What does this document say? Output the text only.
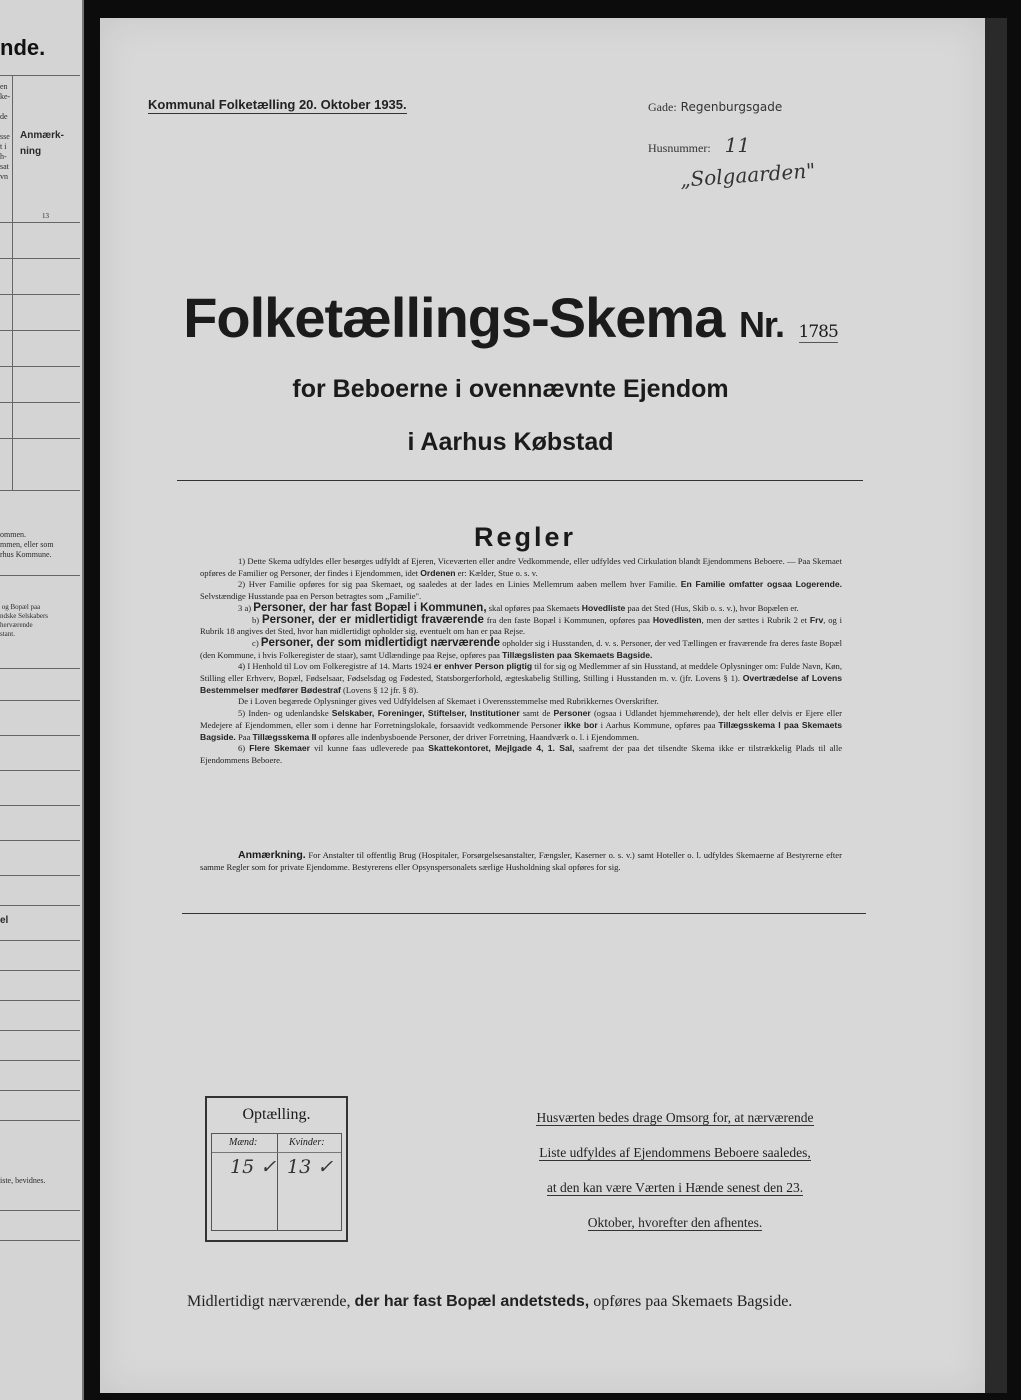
nde.
en
ke-

de

sse
t i
h-
sat
vn
Anmærk-
ning
13
ommen.
mmen, eller som
rhus Kommune.
og Bopæl paa
ndske Selskabers
herværende
stant.
el
iste, bevidnes.
Kommunal Folketælling 20. Oktober 1935.	Gade: Regenburgsgade
Husnummer: 11
„Solgaarden"
Folketællings-Skema Nr. 1785
for Beboerne i ovennævnte Ejendom
i Aarhus Købstad
Regler

1) Dette Skema udfyldes eller besørges udfyldt af Ejeren, Viceværten eller andre Vedkommende, eller udfyldes ved Cirkulation blandt Ejendommens Beboere. — Paa Skemaet opføres de Familier og Personer, der findes i Ejendommen, idet Ordenen er: Kælder, Stue o. s. v.

2) Hver Familie opføres for sig paa Skemaet, og saaledes at der lades en Linies Mellemrum aaben mellem hver Familie. En Familie omfatter ogsaa Logerende. Selvstændige Husstande paa en Person betragtes som „Familie".

3 a) Personer, der har fast Bopæl i Kommunen, skal opføres paa Skemaets Hovedliste paa det Sted (Hus, Skib o. s. v.), hvor Bopælen er.

b) Personer, der er midlertidigt fraværende fra den faste Bopæl i Kommunen, opføres paa Hovedlisten, men der sættes i Rubrik 2 et Frv, og i Rubrik 18 angives det Sted, hvor han midlertidigt opholder sig, eventuelt om han er paa Rejse.

c) Personer, der som midlertidigt nærværende opholder sig i Husstanden, d. v. s. Personer, der ved Tællingen er fraværende fra deres faste Bopæl (den Kommune, i hvis Folkeregister de staar), samt Udlændinge paa Rejse, opføres paa Tillægslisten paa Skemaets Bagside.

4) I Henhold til Lov om Folkeregistre af 14. Marts 1924 er enhver Person pligtig til for sig og Medlemmer af sin Husstand, at meddele Oplysninger om: Fulde Navn, Køn, Stilling eller Erhverv, Bopæl, Fødselsaar, Fødselsdag og Fødested, Statsborgerforhold, ægteskabelig Stilling, Stilling i Husstanden m. v. (jfr. Lovens § 1). Overtrædelse af Lovens Bestemmelser medfører Bødestraf (Lovens § 12 jfr. § 8).

De i Loven begærede Oplysninger gives ved Udfyldelsen af Skemaet i Overensstemmelse med Rubrikkernes Overskrifter.

5) Inden- og udenlandske Selskaber, Foreninger, Stiftelser, Institutioner samt de Personer (ogsaa i Udlandet hjemmehørende), der helt eller delvis er Ejere eller Medejere af Ejendommen, eller som i denne har Forretningslokale, forsaavidt vedkommende Personer ikke bor i Aarhus Kommune, opføres paa Tillægsskema I paa Skemaets Bagside. Paa Tillægsskema II opføres alle indenbysboende Personer, der driver Forretning, Haandværk o. l. i Ejendommen.

6) Flere Skemaer vil kunne faas udleverede paa Skattekontoret, Mejlgade 4, 1. Sal, saafremt der paa det tilsendte Skema ikke er tilstrækkelig Plads til alle Ejendommens Beboere.

Anmærkning. For Anstalter til offentlig Brug (Hospitaler, Forsørgelsesanstalter, Fængsler, Kaserner o. s. v.) samt Hoteller o. l. udfyldes Skemaerne af Bestyrerne efter samme Regler som for private Ejendomme. Bestyrerens eller Opsynspersonalets særlige Husholdning skal opføres for sig.
Optælling.
Mænd:	Kvinder:
15 ✓ 13 ✓
Husværten bedes drage Omsorg for, at nærværende
Liste udfyldes af Ejendommens Beboere saaledes,
at den kan være Værten i Hænde senest den 23.
Oktober, hvorefter den afhentes.
Midlertidigt nærværende, der har fast Bopæl andetsteds, opføres paa Skemaets Bagside.
